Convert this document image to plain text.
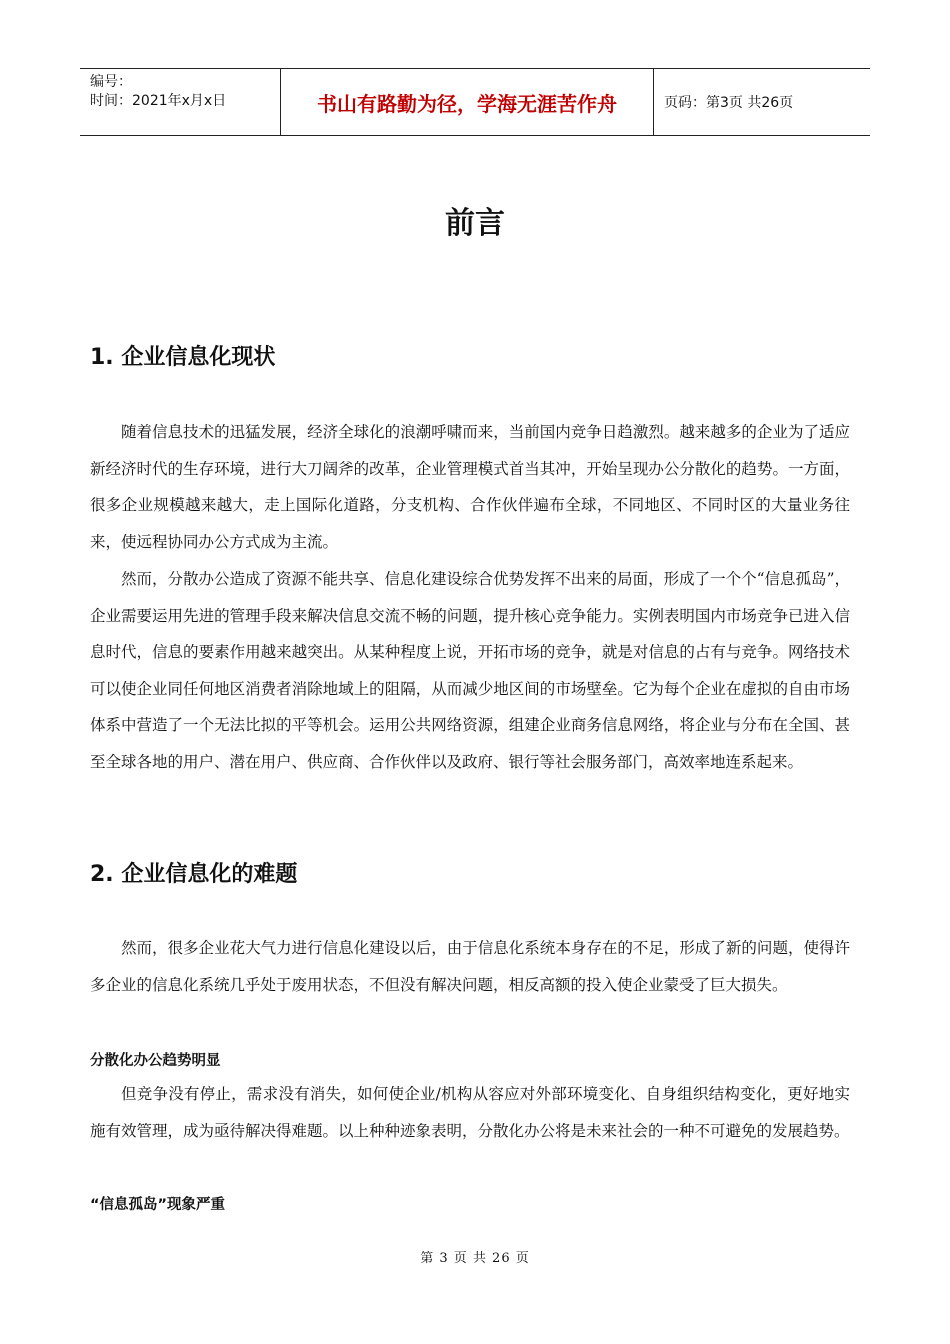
编号：
时间：2021年x月x日	书山有路勤为径，学海无涯苦作舟	页码：第3页 共26页
前言
1. 企业信息化现状

随着信息技术的迅猛发展，经济全球化的浪潮呼啸而来，当前国内竞争日趋激烈。越来越多的企业为了适应新经济时代的生存环境，进行大刀阔斧的改革，企业管理模式首当其冲，开始呈现办公分散化的趋势。一方面，很多企业规模越来越大，走上国际化道路，分支机构、合作伙伴遍布全球，不同地区、不同时区的大量业务往来，使远程协同办公方式成为主流。

然而，分散办公造成了资源不能共享、信息化建设综合优势发挥不出来的局面，形成了一个个“信息孤岛”，企业需要运用先进的管理手段来解决信息交流不畅的问题，提升核心竞争能力。实例表明国内市场竞争已进入信息时代，信息的要素作用越来越突出。从某种程度上说，开拓市场的竞争，就是对信息的占有与竞争。网络技术可以使企业同任何地区消费者消除地域上的阻隔，从而减少地区间的市场壁垒。它为每个企业在虚拟的自由市场体系中营造了一个无法比拟的平等机会。运用公共网络资源，组建企业商务信息网络，将企业与分布在全国、甚至全球各地的用户、潜在用户、供应商、合作伙伴以及政府、银行等社会服务部门，高效率地连系起来。

2. 企业信息化的难题

然而，很多企业花大气力进行信息化建设以后，由于信息化系统本身存在的不足，形成了新的问题，使得许多企业的信息化系统几乎处于废用状态，不但没有解决问题，相反高额的投入使企业蒙受了巨大损失。

分散化办公趋势明显

但竞争没有停止，需求没有消失，如何使企业/机构从容应对外部环境变化、自身组织结构变化，更好地实施有效管理，成为亟待解决得难题。以上种种迹象表明，分散化办公将是未来社会的一种不可避免的发展趋势。

“信息孤岛”现象严重
第 3 页 共 26 页
